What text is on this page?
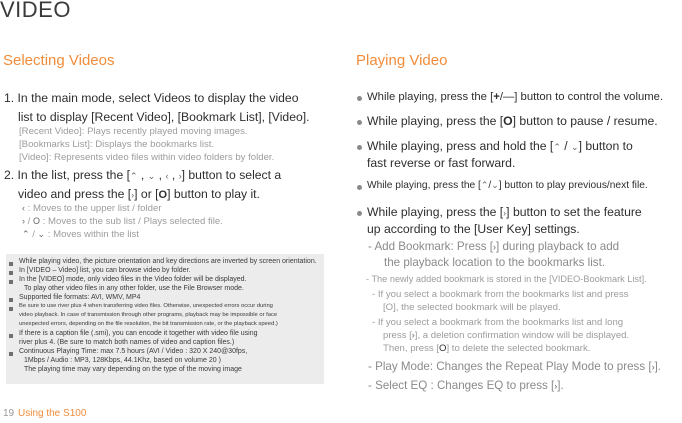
VIDEO
Selecting Videos
1. In the main mode, select Videos to display the video
list to display [Recent Video], [Bookmark List], [Video].
[Recent Video]: Plays recently played moving images.
[Bookmarks List]: Displays the bookmarks list.
[Video]: Represents video files within video folders by folder.
2. In the list, press the [⌃ , ⌄ , ‹ , ›] button to select a
video and press the [›] or [O] button to play it.
‹ : Moves to the upper list / folder
› / O : Moves to the sub list / Plays selected file.
⌃ / ⌄ : Moves within the list
While playing video, the picture orientation and key directions are inverted by screen orientation.
In [VIDEO – Video] list, you can browse video by folder.
In the [VIDEO] mode, only video files in the Video folder will be displayed.
To play other video files in any other folder, use the File Browser mode.
Supported file formats: AVI, WMV, MP4
Be sure to use river plus 4 when transferring video files. Otherwise, unexpected errors occur during
video playback. In case of transmission through other programs, playback may be impossible or face
unexpected errors, depending on the file resolution, the bit transmission rate, or the playback speed.)
If there is a caption file (.smi), you can encode it together with video file using
river plus 4. (Be sure to match both names of video and caption files.)
Continuous Playing Time: max 7.5 hours (AVI / Video : 320 X 240@30fps,
1Mbps / Audio : MP3, 128Kbps, 44.1Khz, based on volume 20 )
The playing time may vary depending on the type of the moving image
19 Using the S100
Playing Video
While playing, press the [+/—] button to control the volume.
While playing, press the [O] button to pause / resume.
While playing, press and hold the [⌃ / ⌄] button to
fast reverse or fast forward.
While playing, press the [⌃/⌄] button to play previous/next file.
While playing, press the [›] button to set the feature
up according to the [User Key] settings.
- Add Bookmark: Press [›] during playback to add
the playback location to the bookmarks list.
- The newly added bookmark is stored in the [VIDEO-Bookmark List].
- If you select a bookmark from the bookmarks list and press
[O], the selected bookmark will be played.
- If you select a bookmark from the bookmarks list and long
press [›], a deletion confirmation window will be displayed.
Then, press [O] to delete the selected bookmark.
- Play Mode: Changes the Repeat Play Mode to press [›].
- Select EQ : Changes EQ to press [›].
